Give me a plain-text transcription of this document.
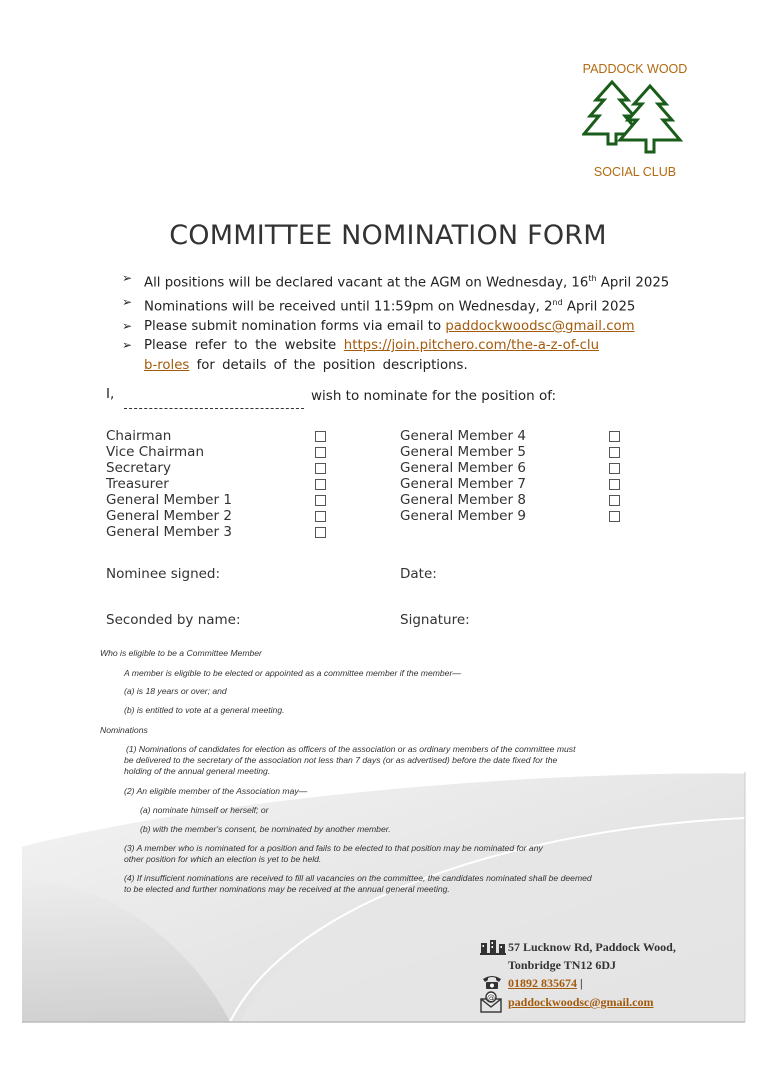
PADDOCK WOOD
SOCIAL CLUB
COMMITTEE NOMINATION FORM
➢ All positions will be declared vacant at the AGM on Wednesday, 16th April 2025
➢ Nominations will be received until 11:59pm on Wednesday, 2nd April 2025
➢ Please submit nomination forms via email to paddockwoodsc@gmail.com
➢ Please refer to the website https://join.pitchero.com/the-a-z-of-club-roles for details of the position descriptions.
I,	wish to nominate for the position of:
Chairman
Vice Chairman
Secretary
Treasurer
General Member 1
General Member 2
General Member 3
General Member 4
General Member 5
General Member 6
General Member 7
General Member 8
General Member 9
Nominee signed:	Date:
Seconded by name:	Signature:
Who is eligible to be a Committee Member
A member is eligible to be elected or appointed as a committee member if the member—
(a) is 18 years or over; and
(b) is entitled to vote at a general meeting.
Nominations
(1) Nominations of candidates for election as officers of the association or as ordinary members of the committee must
be delivered to the secretary of the association not less than 7 days (or as advertised) before the date fixed for the
holding of the annual general meeting.
(2) An eligible member of the Association may—
(a) nominate himself or herself; or
(b) with the member's consent, be nominated by another member.
(3) A member who is nominated for a position and fails to be elected to that position may be nominated for any
other position for which an election is yet to be held.
(4) If insufficient nominations are received to fill all vacancies on the committee, the candidates nominated shall be deemed
to be elected and further nominations may be received at the annual general meeting.
57 Lucknow Rd, Paddock Wood,
Tonbridge TN12 6DJ
01892 835674 |
@ paddockwoodsc@gmail.com
